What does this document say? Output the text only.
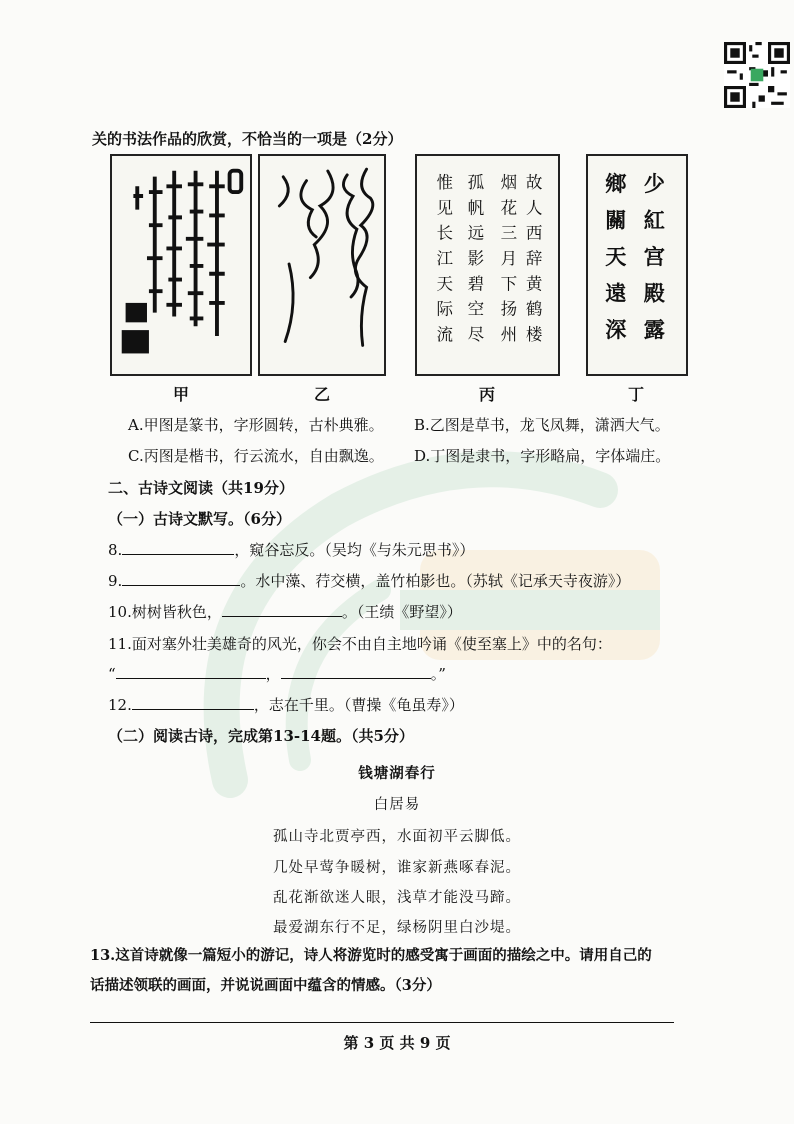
关的书法作品的欣赏，不恰当的一项是（2分）
故人西辞黄鹤楼
烟花三月下扬州
孤帆远影碧空尽
惟见长江天际流
少紅宫殿露
鄉關天遠深
甲	乙	丙	丁
A.甲图是篆书，字形圆转，古朴典雅。 B.乙图是草书，龙飞凤舞，潇洒大气。
C.丙图是楷书，行云流水，自由飘逸。 D.丁图是隶书，字形略扁，字体端庄。
二、古诗文阅读（共19分）
（一）古诗文默写。（6分）
8.	，窥谷忘反。（吴均《与朱元思书》）
9.	。水中藻、荇交横，盖竹柏影也。（苏轼《记承天寺夜游》）
10.树树皆秋色，	。（王绩《野望》）
11.面对塞外壮美雄奇的风光，你会不由自主地吟诵《使至塞上》中的名句：
“	，	。”
12.	，志在千里。（曹操《龟虽寿》）
（二）阅读古诗，完成第13-14题。（共5分）
钱塘湖春行
白居易
孤山寺北贾亭西，水面初平云脚低。
几处早莺争暖树，谁家新燕啄春泥。
乱花渐欲迷人眼，浅草才能没马蹄。
最爱湖东行不足，绿杨阴里白沙堤。
13.这首诗就像一篇短小的游记，诗人将游览时的感受寓于画面的描绘之中。请用自己的
话描述领联的画面，并说说画面中蕴含的情感。（3分）
第 3 页 共 9 页
